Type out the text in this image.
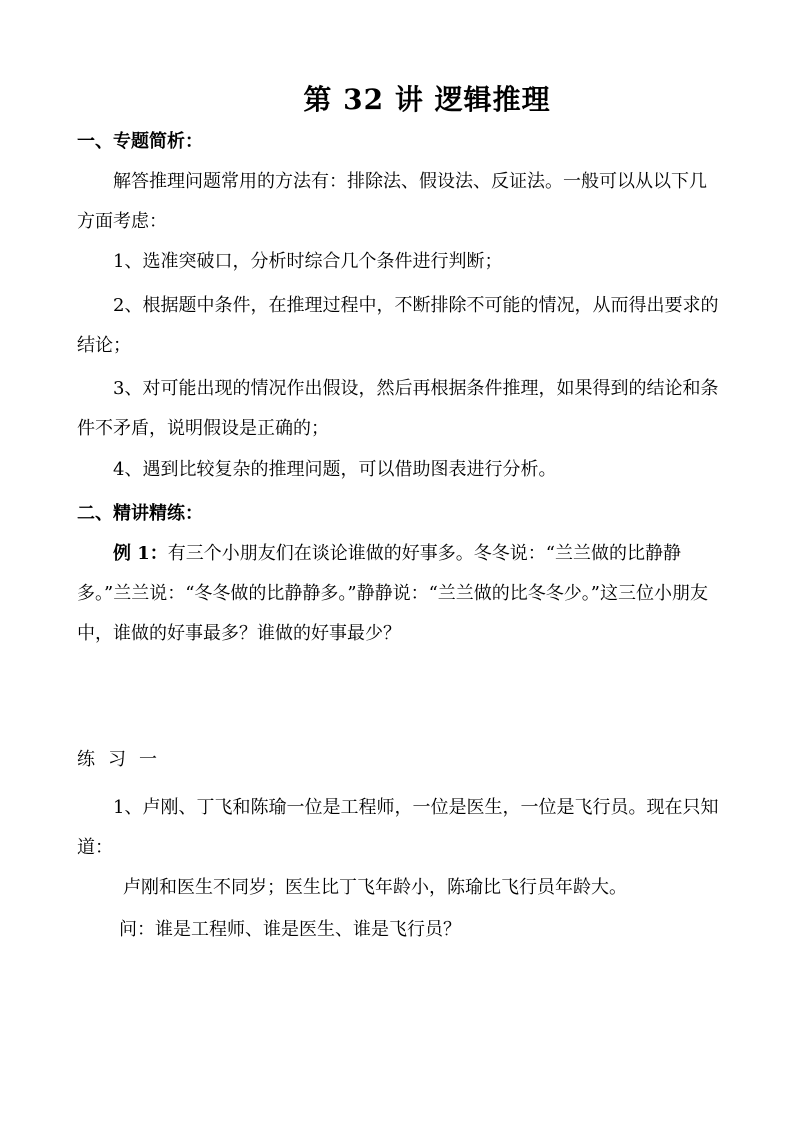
第 32 讲 逻辑推理

一、专题简析：

解答推理问题常用的方法有：排除法、假设法、反证法。一般可以从以下几方面考虑：

1、选准突破口，分析时综合几个条件进行判断；

2、根据题中条件，在推理过程中，不断排除不可能的情况，从而得出要求的结论；

3、对可能出现的情况作出假设，然后再根据条件推理，如果得到的结论和条件不矛盾，说明假设是正确的；

4、遇到比较复杂的推理问题，可以借助图表进行分析。

二、精讲精练：

例 1：有三个小朋友们在谈论谁做的好事多。冬冬说：“兰兰做的比静静多。”兰兰说：“冬冬做的比静静多。”静静说：“兰兰做的比冬冬少。”这三位小朋友中，谁做的好事最多？谁做的好事最少？

练习一

1、卢刚、丁飞和陈瑜一位是工程师，一位是医生，一位是飞行员。现在只知道：

卢刚和医生不同岁；医生比丁飞年龄小，陈瑜比飞行员年龄大。

问：谁是工程师、谁是医生、谁是飞行员？
